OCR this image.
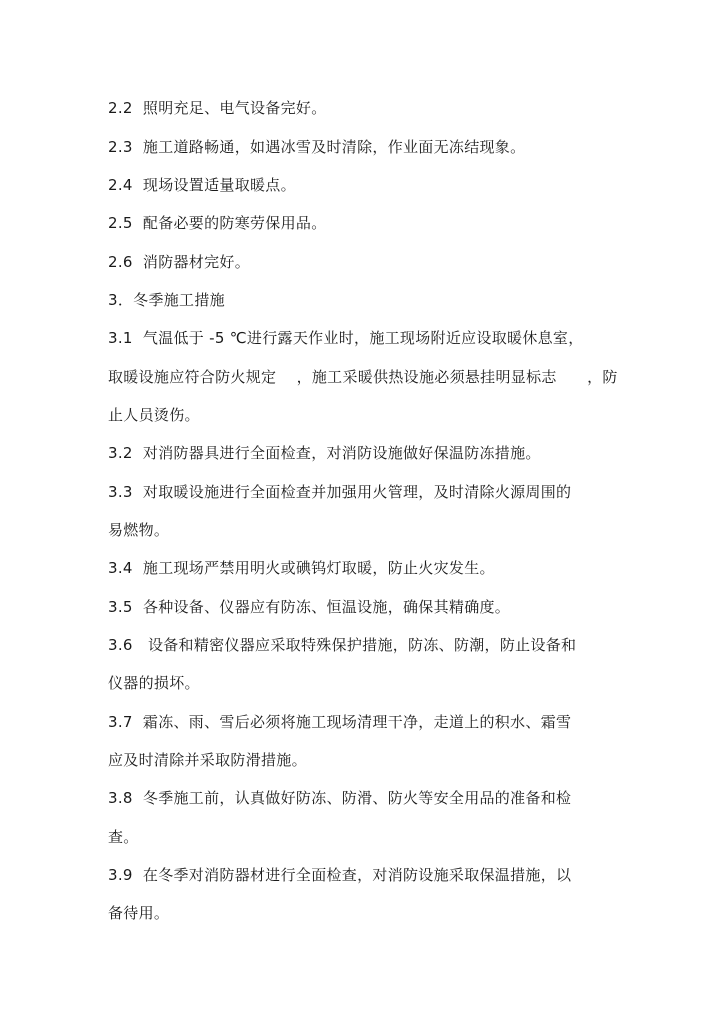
2.2  照明充足、电气设备完好。
2.3  施工道路畅通，如遇冰雪及时清除，作业面无冻结现象。
2.4  现场设置适量取暖点。
2.5  配备必要的防寒劳保用品。
2.6  消防器材完好。
3．冬季施工措施
3.1  气温低于 -5 ℃进行露天作业时，施工现场附近应设取暖休息室，
取暖设施应符合防火规定    ，施工采暖供热设施必须悬挂明显标志      ，防
止人员烫伤。
3.2  对消防器具进行全面检查，对消防设施做好保温防冻措施。
3.3  对取暖设施进行全面检查并加强用火管理，及时清除火源周围的
易燃物。
3.4  施工现场严禁用明火或碘钨灯取暖，防止火灾发生。
3.5  各种设备、仪器应有防冻、恒温设施，确保其精确度。
3.6   设备和精密仪器应采取特殊保护措施，防冻、防潮，防止设备和
仪器的损坏。
3.7  霜冻、雨、雪后必须将施工现场清理干净，走道上的积水、霜雪
应及时清除并采取防滑措施。
3.8  冬季施工前，认真做好防冻、防滑、防火等安全用品的准备和检
查。
3.9  在冬季对消防器材进行全面检查，对消防设施采取保温措施，以
备待用。
